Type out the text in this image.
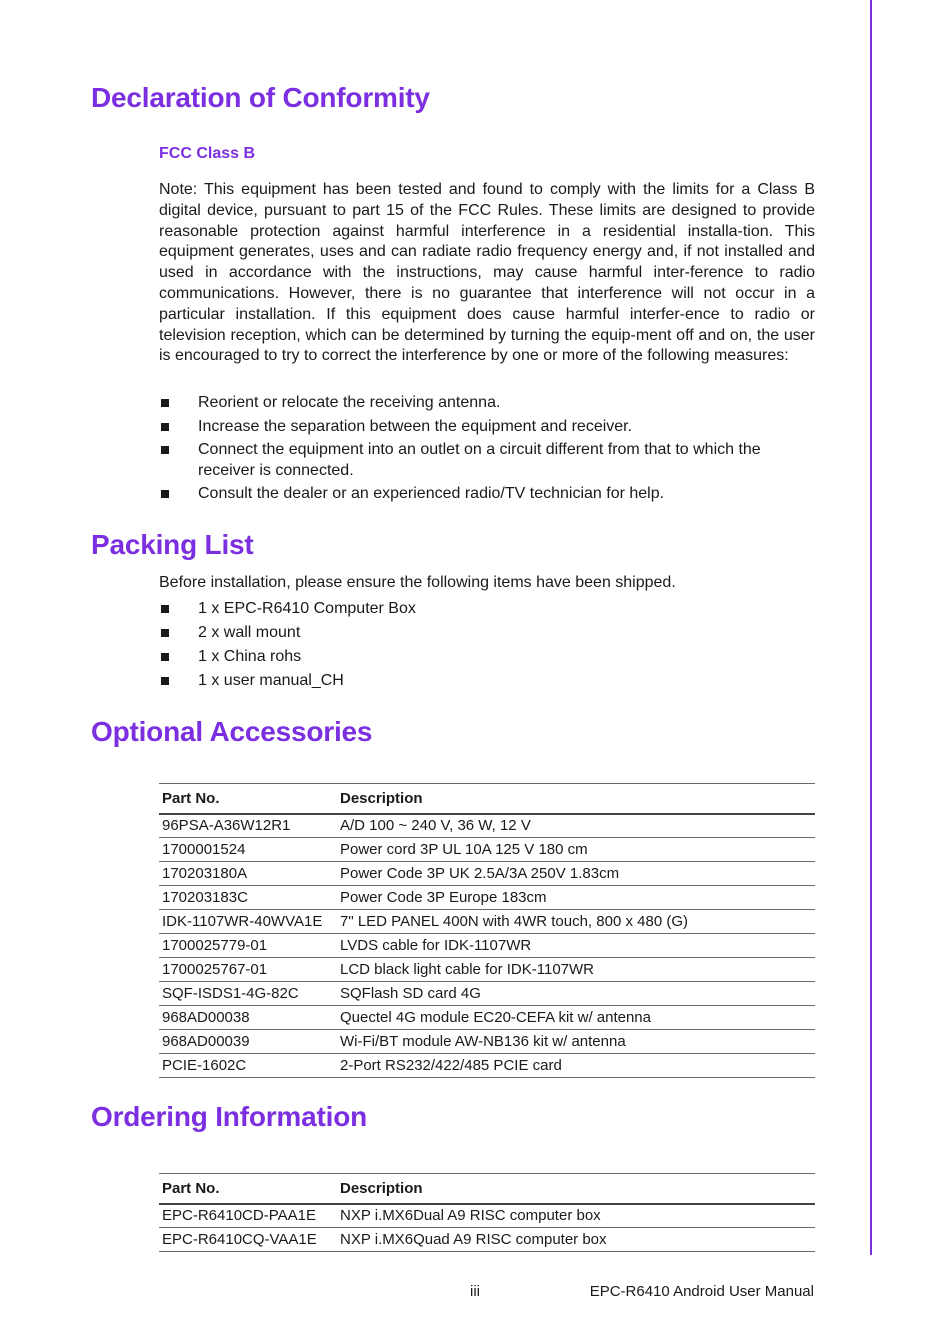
Declaration of Conformity
FCC Class B

Note: This equipment has been tested and found to comply with the limits for a Class B digital device, pursuant to part 15 of the FCC Rules. These limits are designed to provide reasonable protection against harmful interference in a residential installa-tion. This equipment generates, uses and can radiate radio frequency energy and, if not installed and used in accordance with the instructions, may cause harmful inter-ference to radio communications. However, there is no guarantee that interference will not occur in a particular installation. If this equipment does cause harmful interfer-ence to radio or television reception, which can be determined by turning the equip-ment off and on, the user is encouraged to try to correct the interference by one or more of the following measures:

Reorient or relocate the receiving antenna.
Increase the separation between the equipment and receiver.
Connect the equipment into an outlet on a circuit different from that to which the receiver is connected.
Consult the dealer or an experienced radio/TV technician for help.
Packing List

Before installation, please ensure the following items have been shipped.

1 x EPC-R6410 Computer Box
2 x wall mount
1 x China rohs
1 x user manual_CH
Optional Accessories
Part No.	Description
96PSA-A36W12R1	A/D 100 ~ 240 V, 36 W, 12 V
1700001524	Power cord 3P UL 10A 125 V 180 cm
170203180A	Power Code 3P UK 2.5A/3A 250V 1.83cm
170203183C	Power Code 3P Europe 183cm
IDK-1107WR-40WVA1E	7" LED PANEL 400N with 4WR touch, 800 x 480 (G)
1700025779-01	LVDS cable for IDK-1107WR
1700025767-01	LCD black light cable for IDK-1107WR
SQF-ISDS1-4G-82C	SQFlash SD card 4G
968AD00038	Quectel 4G module EC20-CEFA kit w/ antenna
968AD00039	Wi-Fi/BT module AW-NB136 kit w/ antenna
PCIE-1602C	2-Port RS232/422/485 PCIE card
Ordering Information
Part No.	Description
EPC-R6410CD-PAA1E	NXP i.MX6Dual A9 RISC computer box
EPC-R6410CQ-VAA1E	NXP i.MX6Quad A9 RISC computer box
iii	EPC-R6410 Android User Manual
